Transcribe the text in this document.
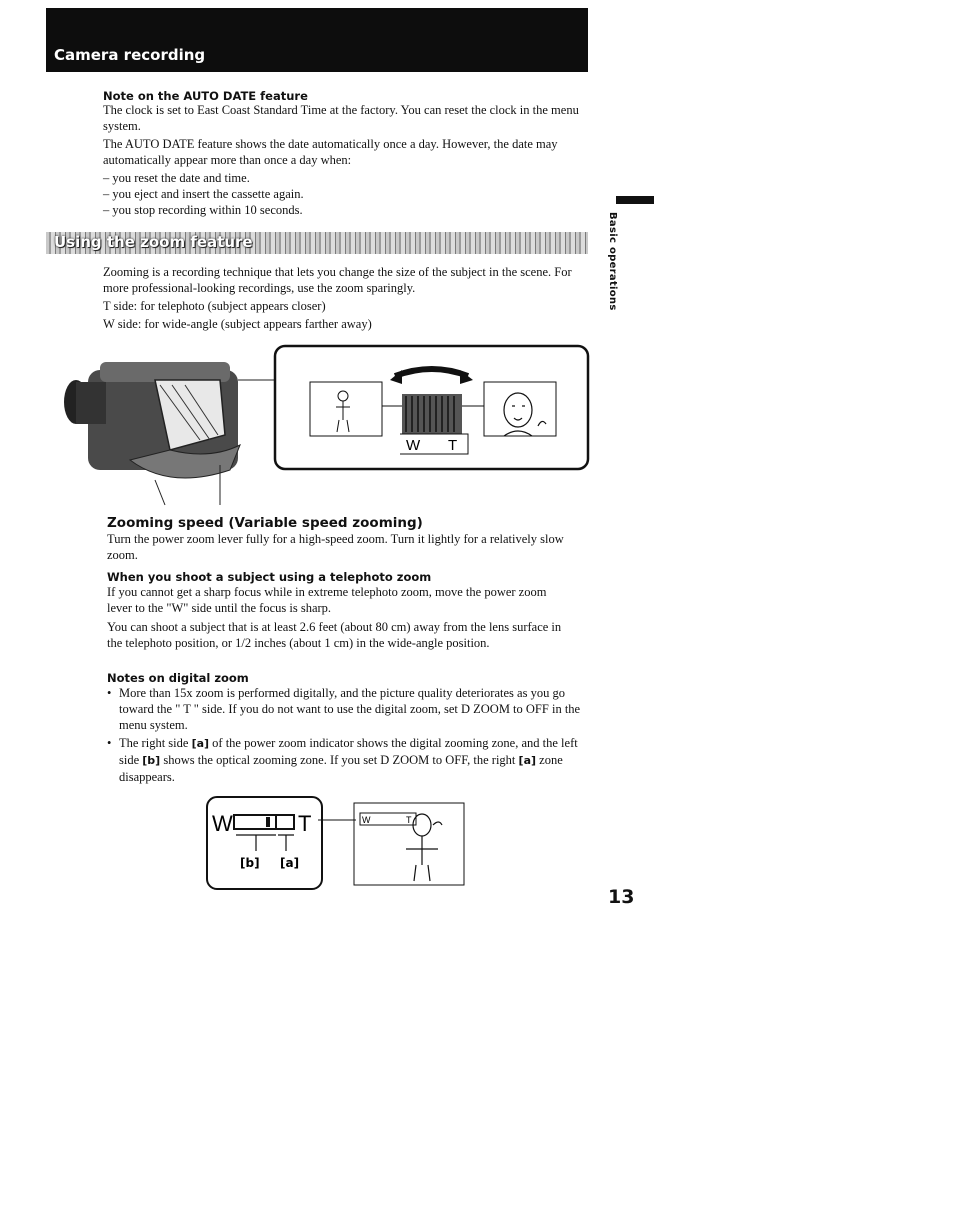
Camera recording
Note on the AUTO DATE feature

The clock is set to East Coast Standard Time at the factory. You can reset the clock in the menu system.

The AUTO DATE feature shows the date automatically once a day. However, the date may automatically appear more than once a day when:

– you reset the date and time.
– you eject and insert the cassette again.
– you stop recording within 10 seconds.
Using the zoom feature

Zooming is a recording technique that lets you change the size of the subject in the scene. For more professional-looking recordings, use the zoom sparingly.

T side: for telephoto (subject appears closer)

W side: for wide-angle (subject appears farther away)

W T
Zooming speed (Variable speed zooming)

Turn the power zoom lever fully for a high-speed zoom. Turn it lightly for a relatively slow zoom.

When you shoot a subject using a telephoto zoom

If you cannot get a sharp focus while in extreme telephoto zoom, move the power zoom lever to the "W" side until the focus is sharp.

You can shoot a subject that is at least 2.6 feet (about 80 cm) away from the lens surface in the telephoto position, or 1/2 inches (about 1 cm) in the wide-angle position.

Notes on digital zoom
• More than 15x zoom is performed digitally, and the picture quality deteriorates as you go toward the " T " side. If you do not want to use the digital zoom, set D ZOOM to OFF in the menu system.

• The right side [a] of the power zoom indicator shows the digital zooming zone, and the left side [b] shows the optical zooming zone. If you set D ZOOM to OFF, the right [a] zone disappears.

W	T
[b] [a]
W	T
Basic operations
13
